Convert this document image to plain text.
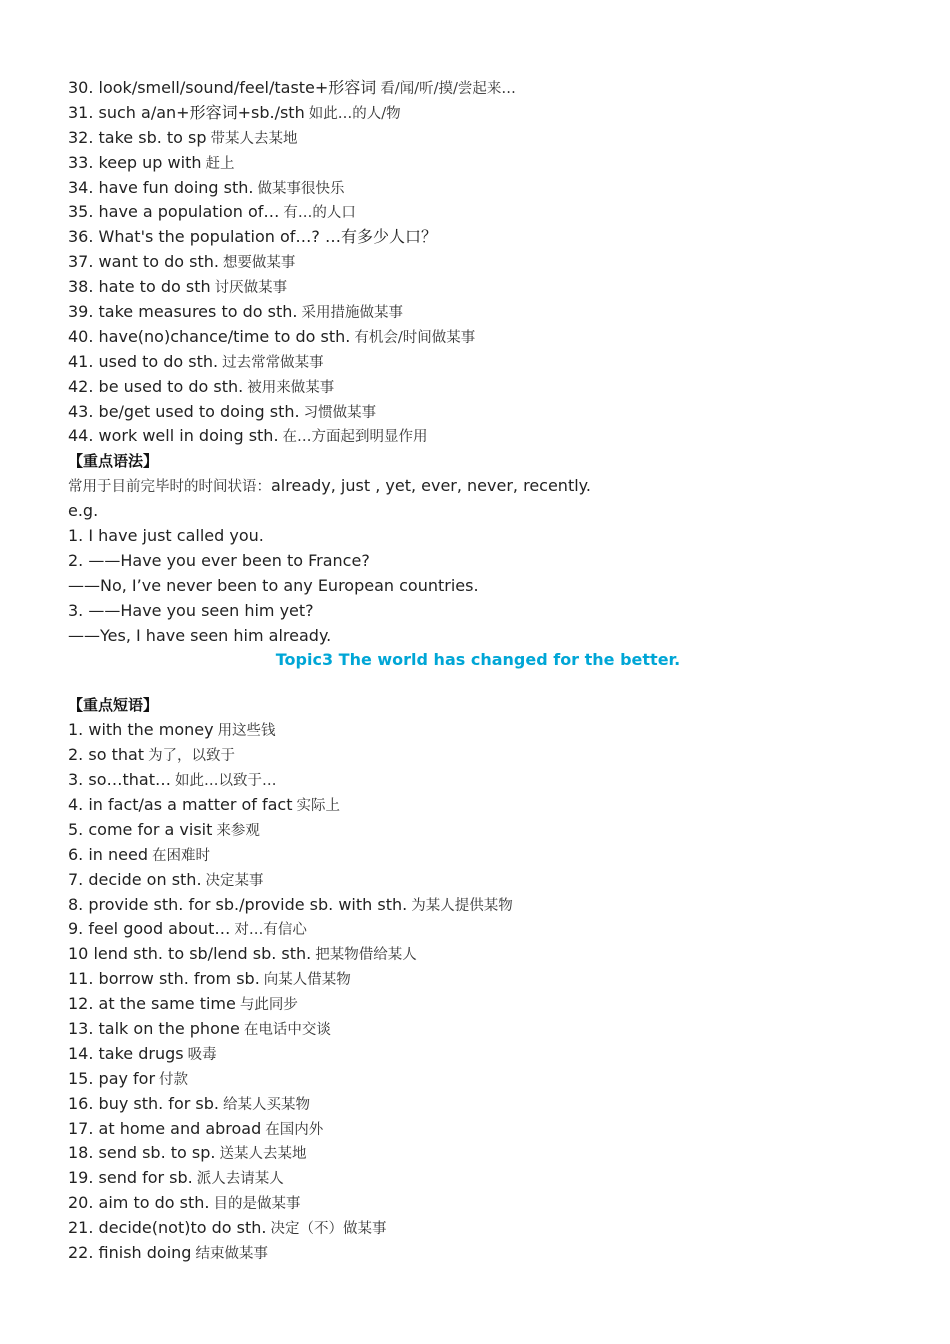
30. look/smell/sound/feel/taste+形容词 看/闻/听/摸/尝起来…
31. such a/an+形容词+sb./sth 如此…的人/物
32. take sb. to sp 带某人去某地
33. keep up with 赶上
34. have fun doing sth. 做某事很快乐
35. have a population of… 有…的人口
36. What's the population of…? …有多少人口？
37. want to do sth. 想要做某事
38. hate to do sth 讨厌做某事
39. take measures to do sth. 采用措施做某事
40. have(no)chance/time to do sth. 有机会/时间做某事
41. used to do sth. 过去常常做某事
42. be used to do sth. 被用来做某事
43. be/get used to doing sth. 习惯做某事
44. work well in doing sth. 在…方面起到明显作用
【重点语法】
常用于目前完毕时的时间状语：already, just , yet, ever, never, recently.
e.g.
1. I have just called you.
2. ——Have you ever been to France?
——No, I’ve never been to any European countries.
3. ——Have you seen him yet?
——Yes, I have seen him already.
Topic3 The world has changed for the better.
【重点短语】
1. with the money 用这些钱
2. so that 为了，以致于
3. so…that… 如此…以致于…
4. in fact/as a matter of fact 实际上
5. come for a visit 来参观
6. in need 在困难时
7. decide on sth. 决定某事
8. provide sth. for sb./provide sb. with sth. 为某人提供某物
9. feel good about… 对…有信心
10 lend sth. to sb/lend sb. sth. 把某物借给某人
11. borrow sth. from sb. 向某人借某物
12. at the same time 与此同步
13. talk on the phone 在电话中交谈
14. take drugs 吸毒
15. pay for 付款
16. buy sth. for sb. 给某人买某物
17. at home and abroad 在国内外
18. send sb. to sp. 送某人去某地
19. send for sb. 派人去请某人
20. aim to do sth. 目的是做某事
21. decide(not)to do sth. 决定（不）做某事
22. finish doing 结束做某事
